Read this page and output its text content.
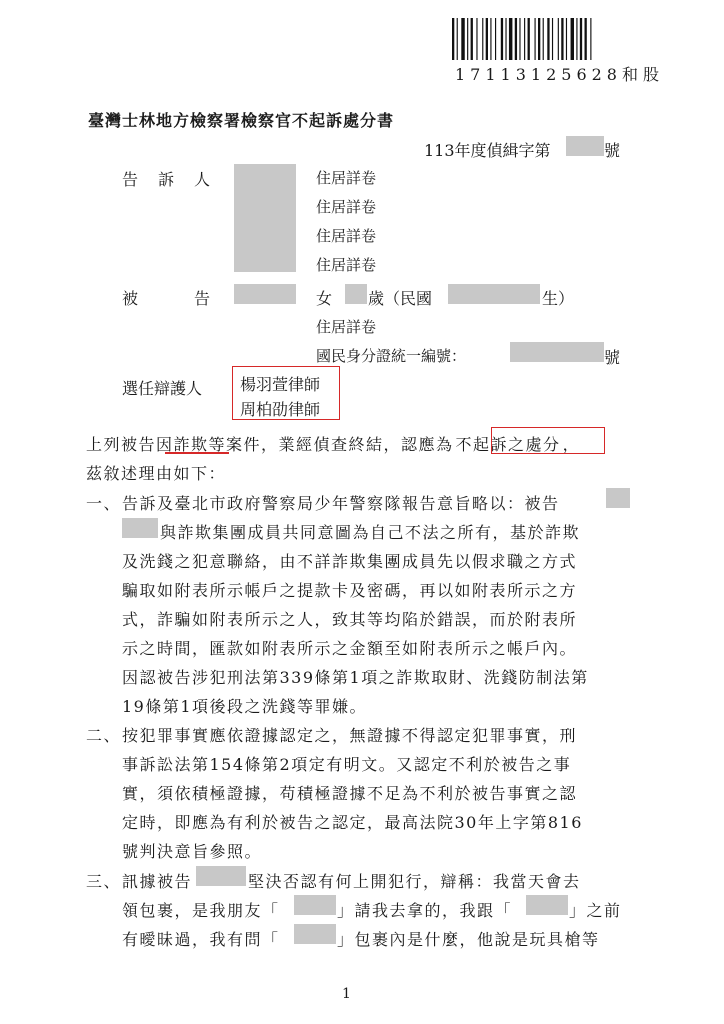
17113125628和股
臺灣士林地方檢察署檢察官不起訴處分書
113年度偵緝字第	號
告　訴　人	住居詳卷
住居詳卷
住居詳卷
住居詳卷
被　　　告	女 歲（民國	生）
住居詳卷
國民身分證統一編號：	號
選任辯護人 楊羽萱律師
周柏劭律師
上列被告因詐欺等案件，業經偵查終結，認應為 不起訴之處分 ，
茲敘述理由如下：
一、 告訴及臺北市政府警察局少年警察隊報告意旨略以：被告
與詐欺集團成員共同意圖為自己不法之所有，基於詐欺
及洗錢之犯意聯絡，由不詳詐欺集團成員先以假求職之方式
騙取如附表所示帳戶之提款卡及密碼，再以如附表所示之方
式，詐騙如附表所示之人，致其等均陷於錯誤，而於附表所
示之時間，匯款如附表所示之金額至如附表所示之帳戶內。
因認被告涉犯刑法第339條第1項之詐欺取財、洗錢防制法第
19條第1項後段之洗錢等罪嫌。
二、 按犯罪事實應依證據認定之，無證據不得認定犯罪事實，刑
事訴訟法第154條第2項定有明文。又認定不利於被告之事
實，須依積極證據，苟積極證據不足為不利於被告事實之認
定時，即應為有利於被告之認定，最高法院30年上字第816
號判決意旨參照。
三、 訊據被告	堅決否認有何上開犯行，辯稱：我當天會去
領包裹，是我朋友「	」請我去拿的，我跟「	」之前
有曖昧過，我有問「	」包裹內是什麼，他說是玩具槍等
1
